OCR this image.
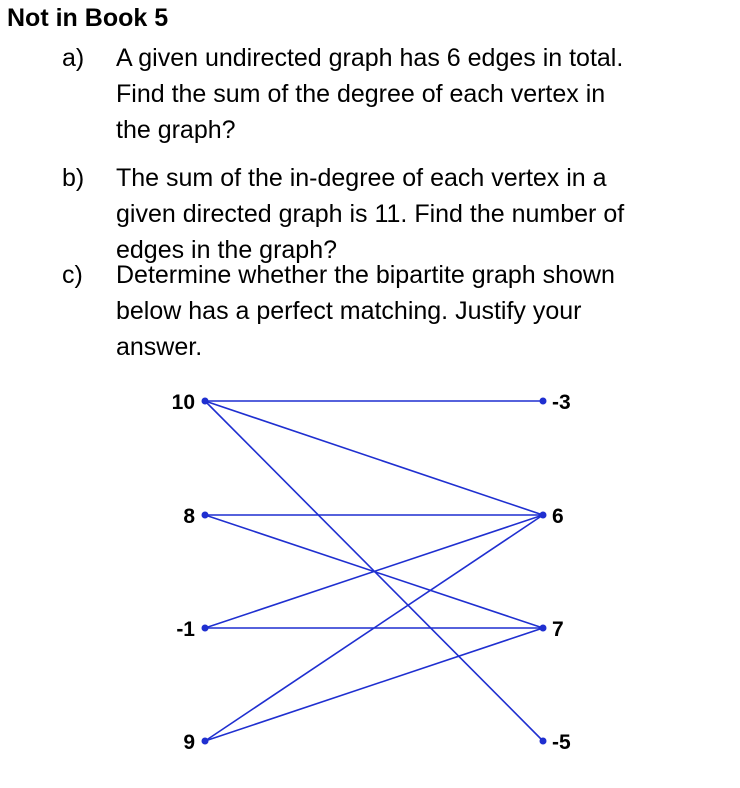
Not in Book 5
a) A given undirected graph has 6 edges in total.
Find the sum of the degree of each vertex in
the graph?
b) The sum of the in-degree of each vertex in a
given directed graph is 11. Find the number of
edges in the graph?
c) Determine whether the bipartite graph shown
below has a perfect matching. Justify your
answer.
6
7
8
9
10
-1
-3
-5
